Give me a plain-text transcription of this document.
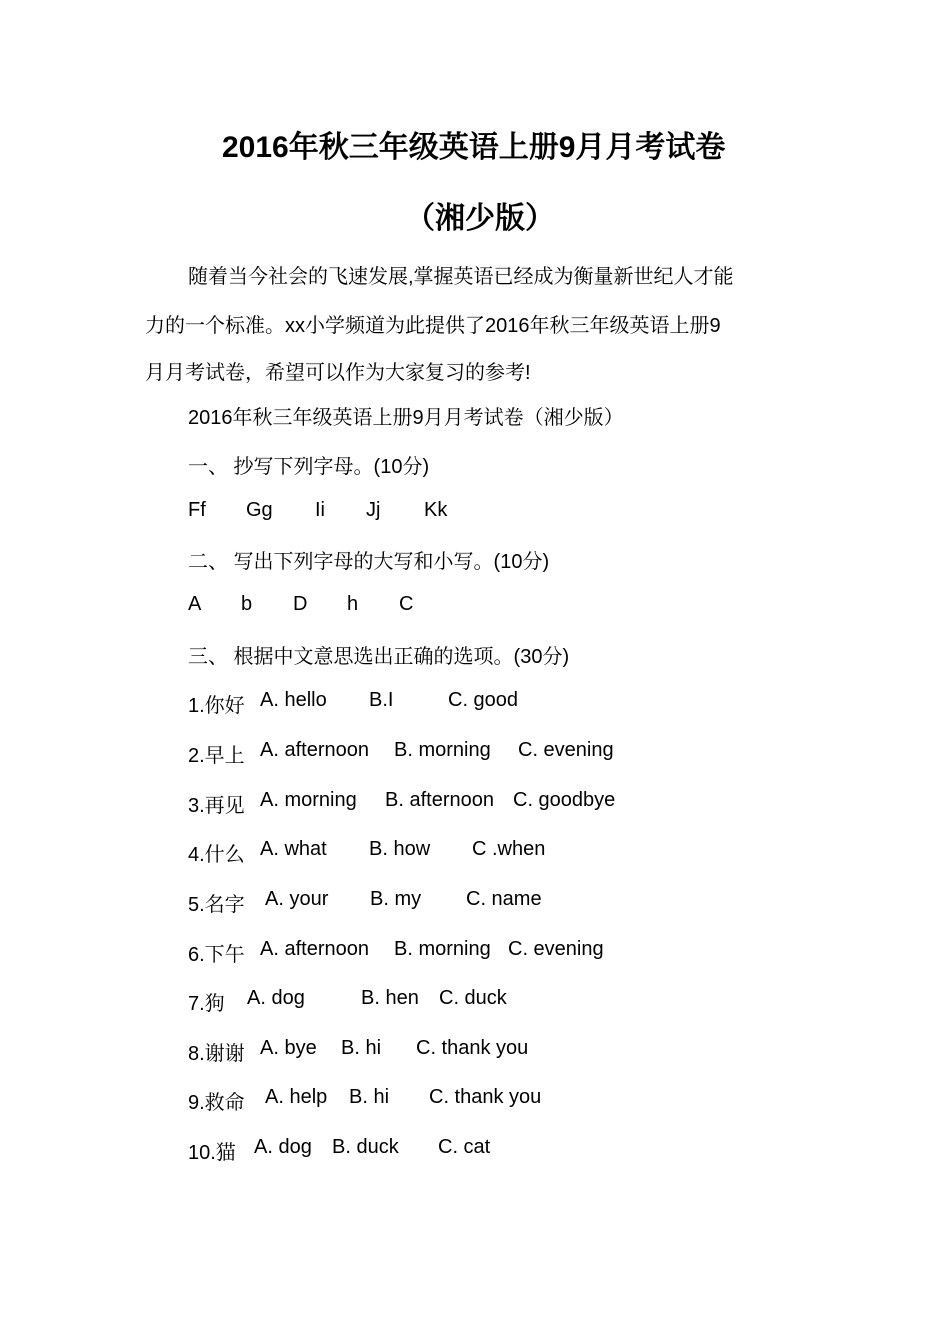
2016年秋三年级英语上册9月月考试卷
（湘少版）
随着当今社会的飞速发展,掌握英语已经成为衡量新世纪人才能
力的一个标准。xx小学频道为此提供了2016年秋三年级英语上册9
月月考试卷，希望可以作为大家复习的参考!
2016年秋三年级英语上册9月月考试卷（湘少版）
一、 抄写下列字母。(10分)
Ff Gg Ii Jj Kk
二、 写出下列字母的大写和小写。(10分)
A b D h C
三、 根据中文意思选出正确的选项。(30分)
1.你好 A. hello B.I	C. good
2.早上 A. afternoon B. morning C. evening
3.再见 A. morning B. afternoon C. goodbye
4.什么 A. what B. how C .when
5.名字 A. your B. my C. name
6.下午 A. afternoon B. morning C. evening
7.狗 A. dog	B. hen C. duck
8.谢谢 A. bye B. hi C. thank you
9.救命 A. help B. hi C. thank you
10.猫 A. dog B. duck C. cat
